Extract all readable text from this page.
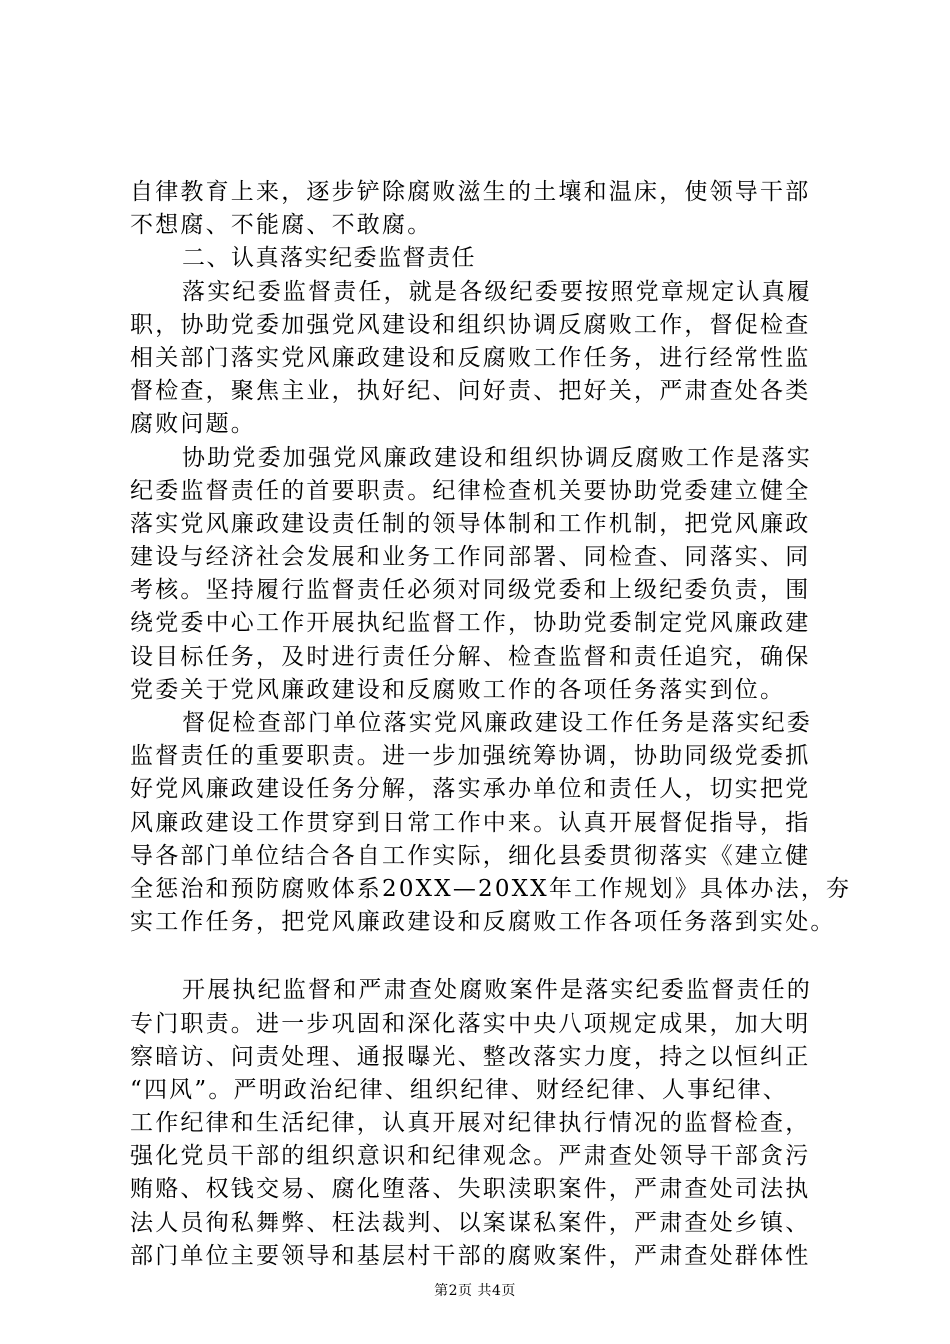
自律教育上来，逐步铲除腐败滋生的土壤和温床，使领导干部
不想腐、不能腐、不敢腐。
二、认真落实纪委监督责任
落实纪委监督责任，就是各级纪委要按照党章规定认真履
职，协助党委加强党风建设和组织协调反腐败工作，督促检查
相关部门落实党风廉政建设和反腐败工作任务，进行经常性监
督检查，聚焦主业，执好纪、问好责、把好关，严肃查处各类
腐败问题。
协助党委加强党风廉政建设和组织协调反腐败工作是落实
纪委监督责任的首要职责。纪律检查机关要协助党委建立健全
落实党风廉政建设责任制的领导体制和工作机制，把党风廉政
建设与经济社会发展和业务工作同部署、同检查、同落实、同
考核。坚持履行监督责任必须对同级党委和上级纪委负责，围
绕党委中心工作开展执纪监督工作，协助党委制定党风廉政建
设目标任务，及时进行责任分解、检查监督和责任追究，确保
党委关于党风廉政建设和反腐败工作的各项任务落实到位。
督促检查部门单位落实党风廉政建设工作任务是落实纪委
监督责任的重要职责。进一步加强统筹协调，协助同级党委抓
好党风廉政建设任务分解，落实承办单位和责任人，切实把党
风廉政建设工作贯穿到日常工作中来。认真开展督促指导，指
导各部门单位结合各自工作实际，细化县委贯彻落实《建立健
全惩治和预防腐败体系20XX—20XX年工作规划》具体办法，夯
实工作任务，把党风廉政建设和反腐败工作各项任务落到实处。
开展执纪监督和严肃查处腐败案件是落实纪委监督责任的
专门职责。进一步巩固和深化落实中央八项规定成果，加大明
察暗访、问责处理、通报曝光、整改落实力度，持之以恒纠正
“四风”。严明政治纪律、组织纪律、财经纪律、人事纪律、
工作纪律和生活纪律，认真开展对纪律执行情况的监督检查，
强化党员干部的组织意识和纪律观念。严肃查处领导干部贪污
贿赂、权钱交易、腐化堕落、失职渎职案件，严肃查处司法执
法人员徇私舞弊、枉法裁判、以案谋私案件，严肃查处乡镇、
部门单位主要领导和基层村干部的腐败案件，严肃查处群体性
第2页 共4页
